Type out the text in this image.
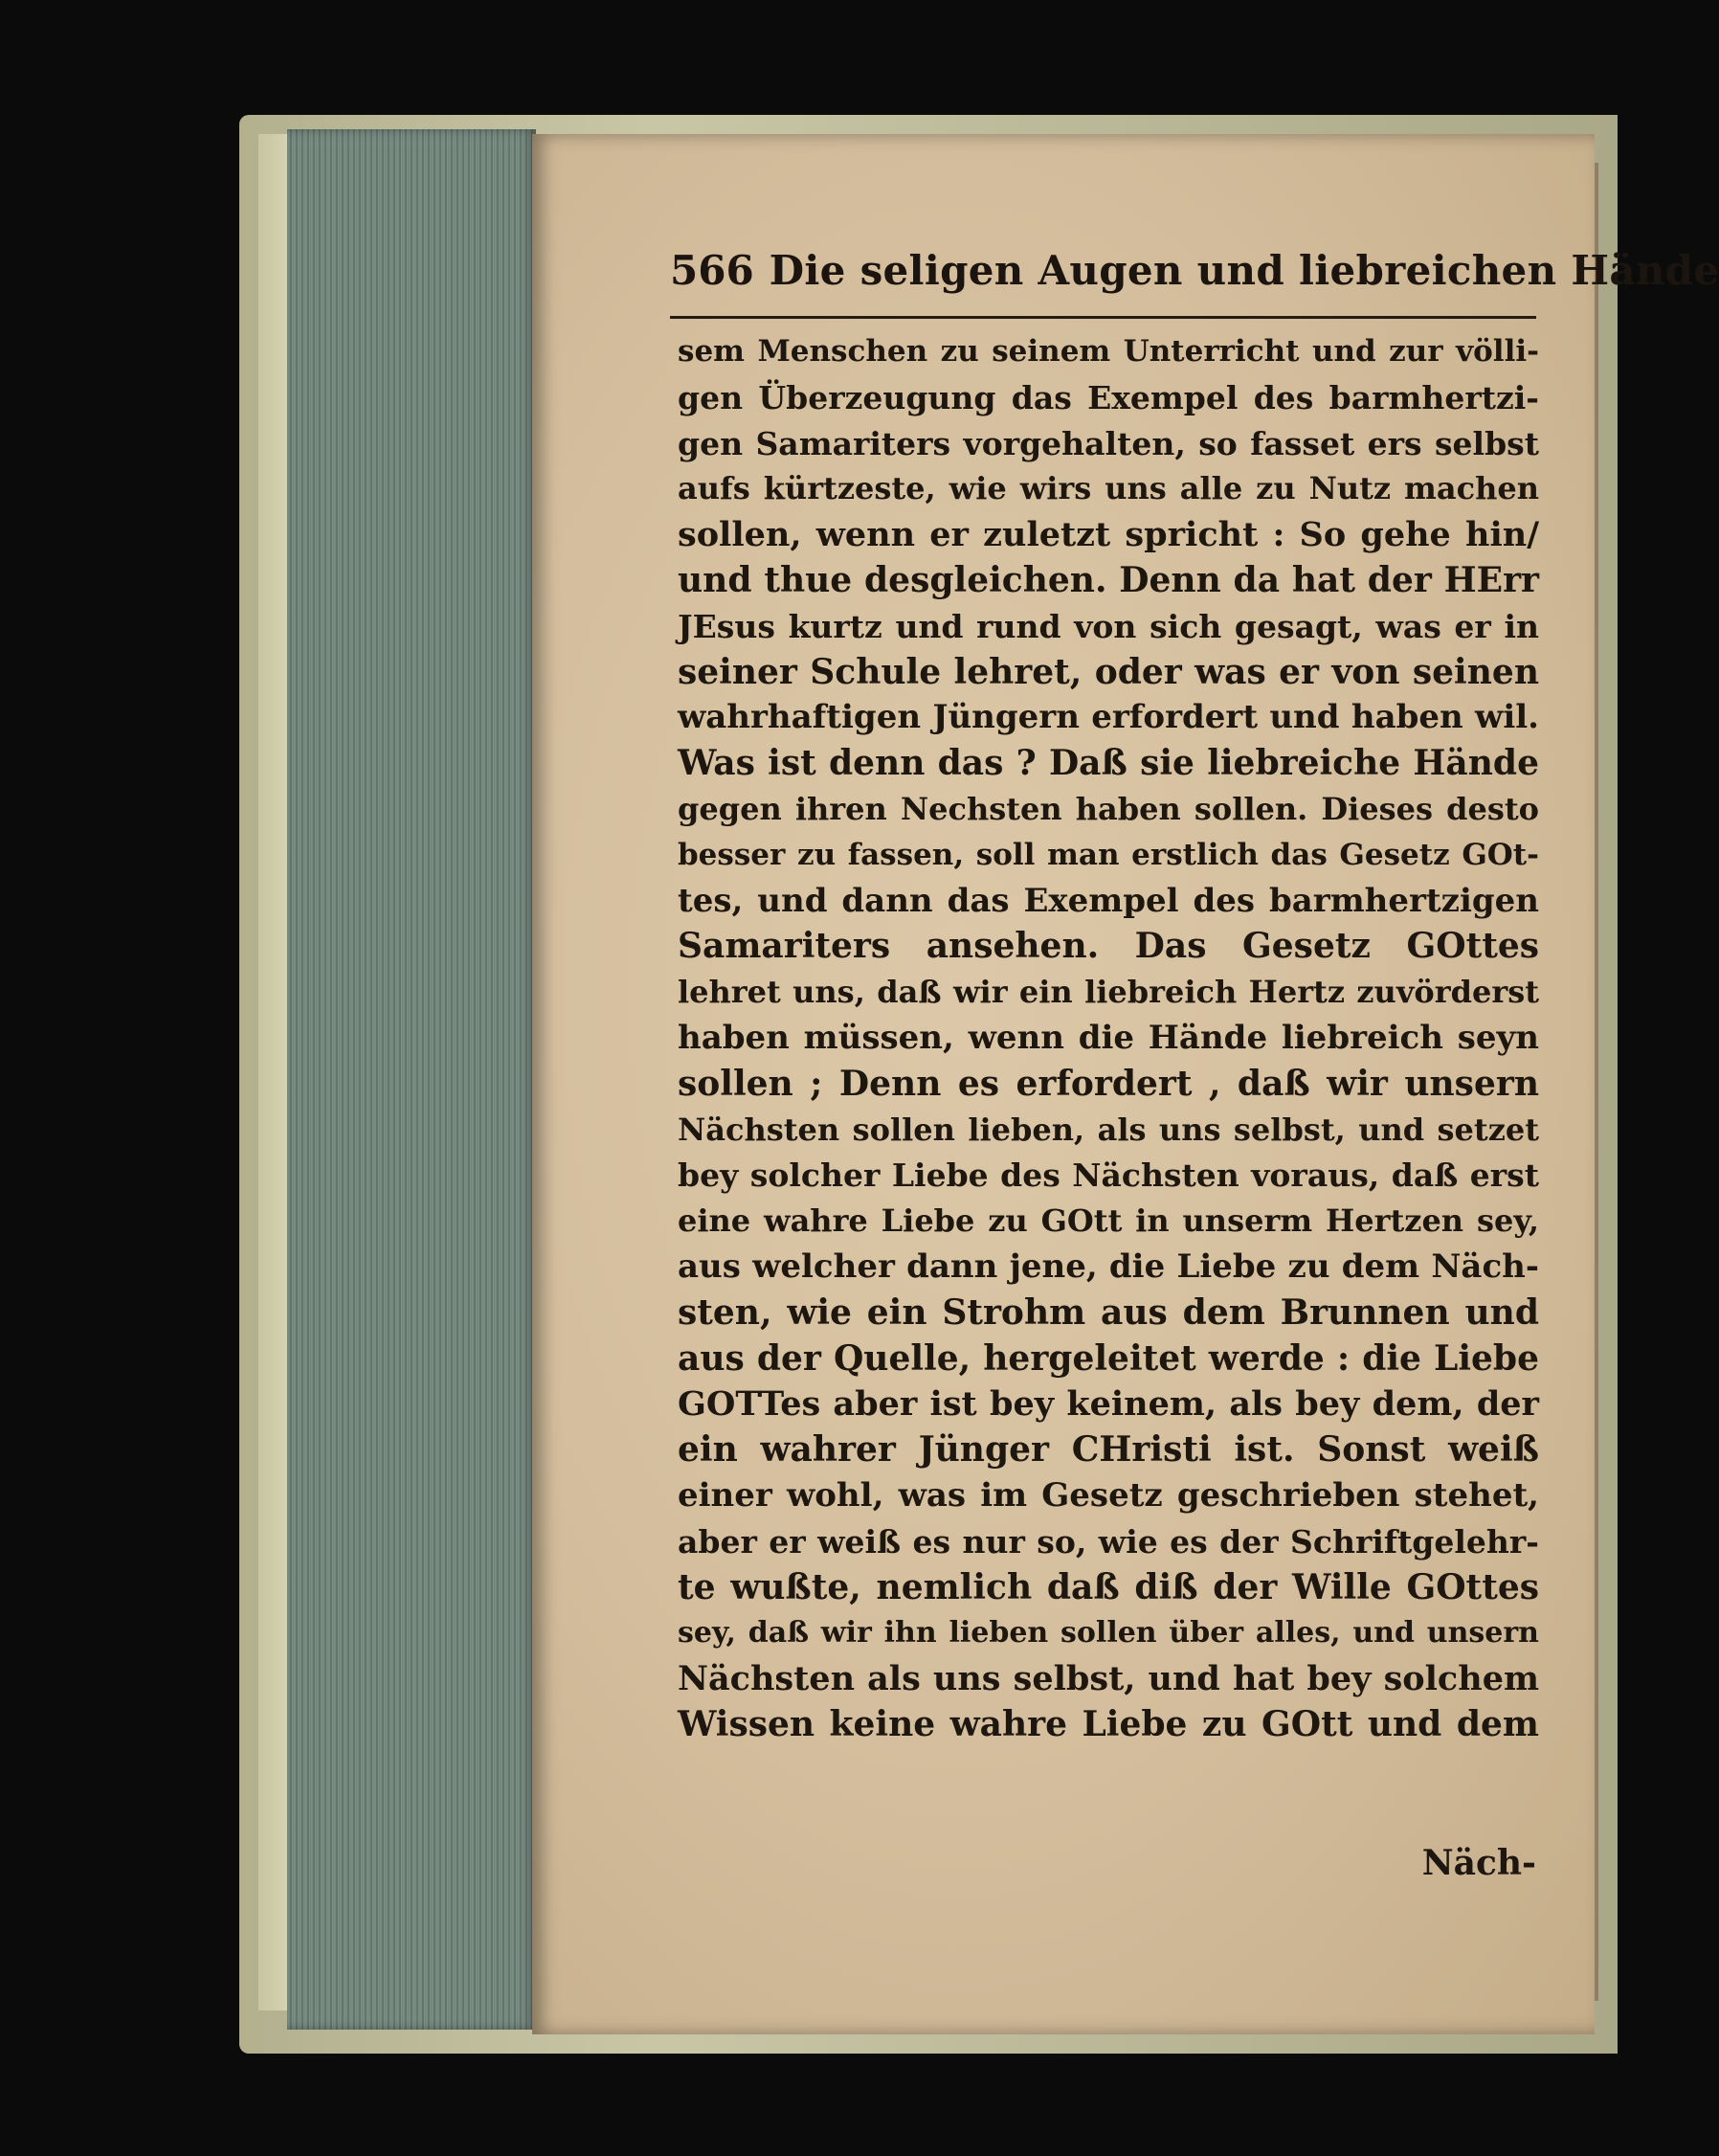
566 Die seligen Augen und liebreichen Hände
sem Menschen zu seinem Unterricht und zur völli-
gen Überzeugung das Exempel des barmhertzi-
gen Samariters vorgehalten, so fasset ers selbst
aufs kürtzeste, wie wirs uns alle zu Nutz machen
sollen, wenn er zuletzt spricht : So gehe hin/
und thue desgleichen. Denn da hat der HErr
JEsus kurtz und rund von sich gesagt, was er in
seiner Schule lehret, oder was er von seinen
wahrhaftigen Jüngern erfordert und haben wil.
Was ist denn das ? Daß sie liebreiche Hände
gegen ihren Nechsten haben sollen. Dieses desto
besser zu fassen, soll man erstlich das Gesetz GOt-
tes, und dann das Exempel des barmhertzigen
Samariters ansehen. Das Gesetz GOttes
lehret uns, daß wir ein liebreich Hertz zuvörderst
haben müssen, wenn die Hände liebreich seyn
sollen ; Denn es erfordert , daß wir unsern
Nächsten sollen lieben, als uns selbst, und setzet
bey solcher Liebe des Nächsten voraus, daß erst
eine wahre Liebe zu GOtt in unserm Hertzen sey,
aus welcher dann jene, die Liebe zu dem Näch-
sten, wie ein Strohm aus dem Brunnen und
aus der Quelle, hergeleitet werde : die Liebe
GOTTes aber ist bey keinem, als bey dem, der
ein wahrer Jünger CHristi ist. Sonst weiß
einer wohl, was im Gesetz geschrieben stehet,
aber er weiß es nur so, wie es der Schriftgelehr-
te wußte, nemlich daß diß der Wille GOttes
sey, daß wir ihn lieben sollen über alles, und unsern
Nächsten als uns selbst, und hat bey solchem
Wissen keine wahre Liebe zu GOtt und dem
Näch-
